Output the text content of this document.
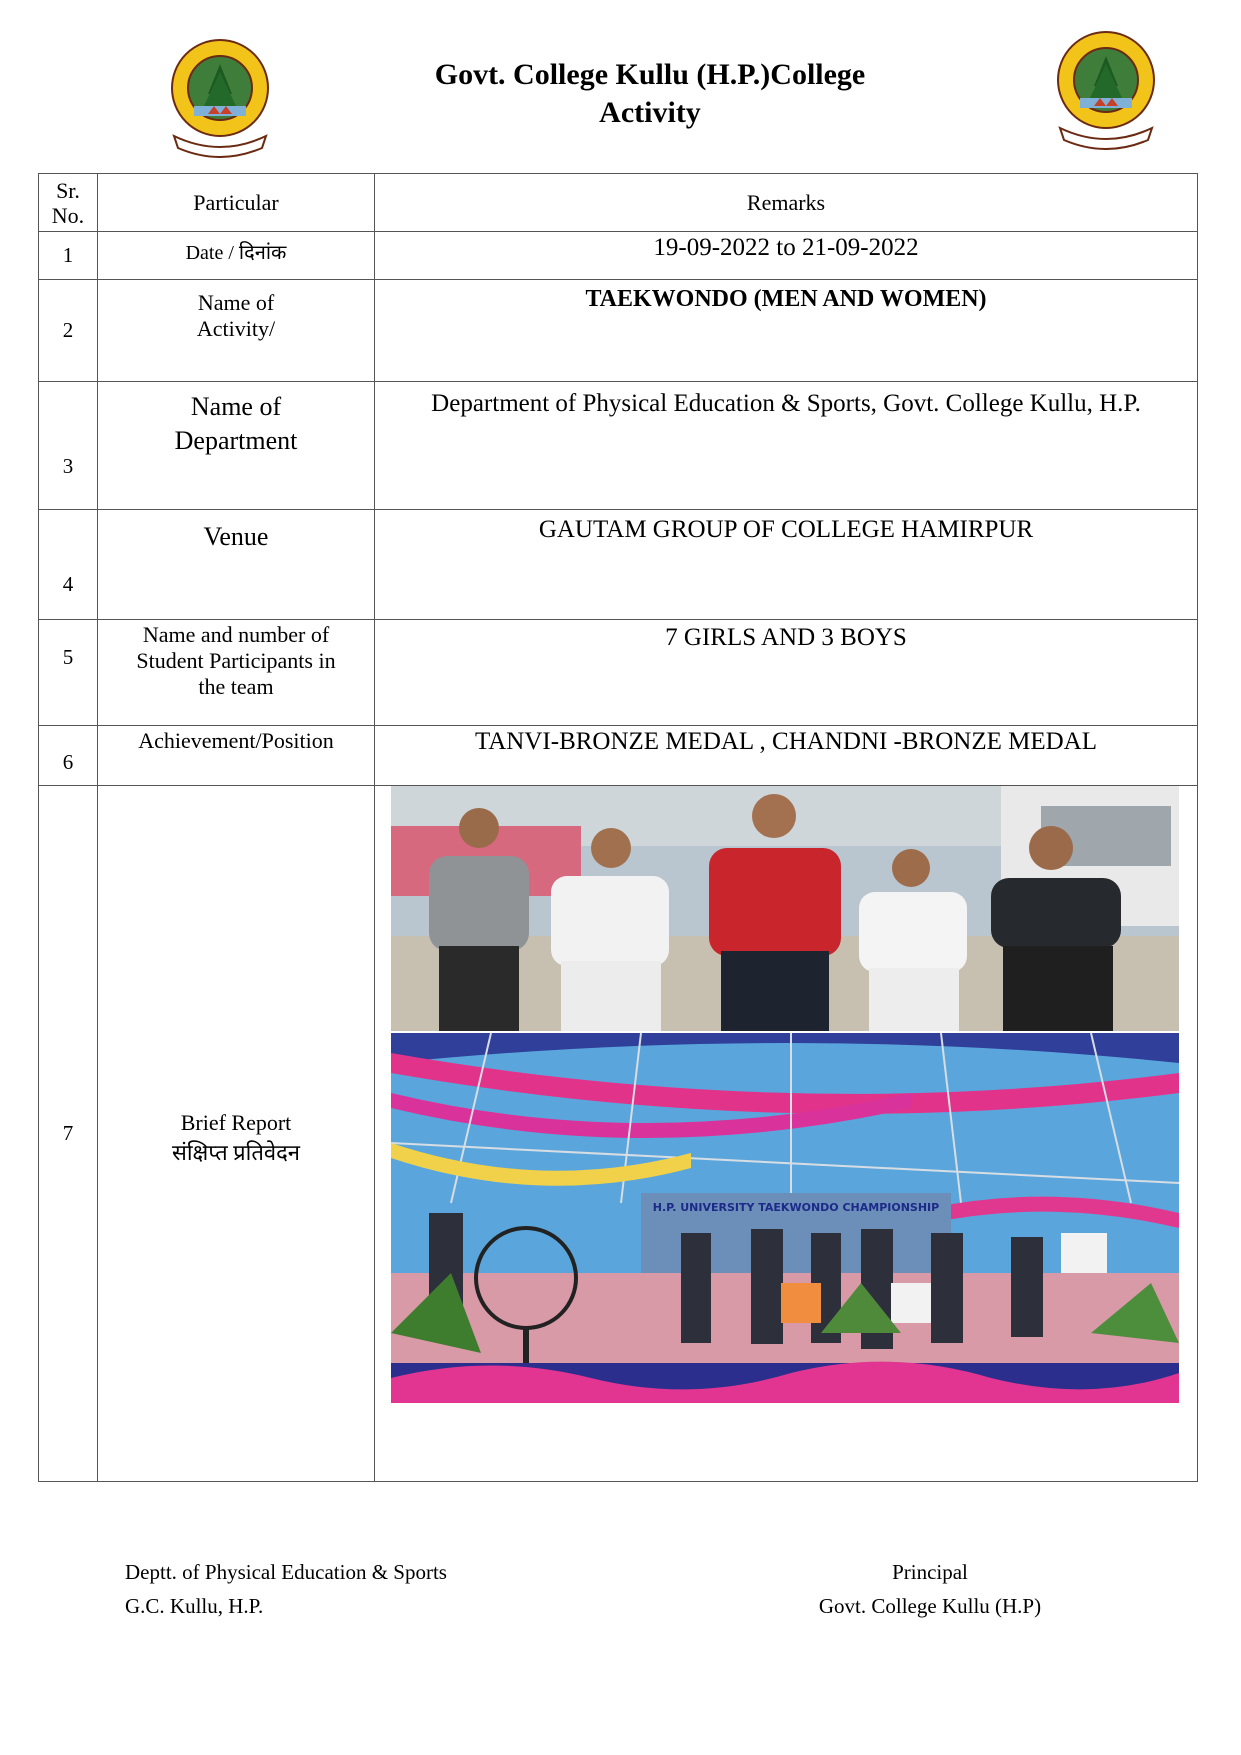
Govt. College Kullu (H.P.)College
Activity
Sr.
No.	Particular	Remarks
1	Date / दिनांक	19-09-2022 to 21-09-2022
2	Name of
Activity/	TAEKWONDO (MEN AND WOMEN)
3	Name of
Department	Department of Physical Education & Sports, Govt. College Kullu, H.P.
4	Venue	GAUTAM GROUP OF COLLEGE HAMIRPUR
5	Name and number of
Student Participants in
the team	7 GIRLS AND 3 BOYS
6	Achievement/Position	TANVI-BRONZE MEDAL , CHANDNI -BRONZE MEDAL
7	Brief Report
संक्षिप्त प्रतिवेदन	H.P. UNIVERSITY TAEKWONDO CHAMPIONSHIP
Deptt. of Physical Education & Sports
G.C. Kullu, H.P.
Principal
Govt. College Kullu (H.P)
